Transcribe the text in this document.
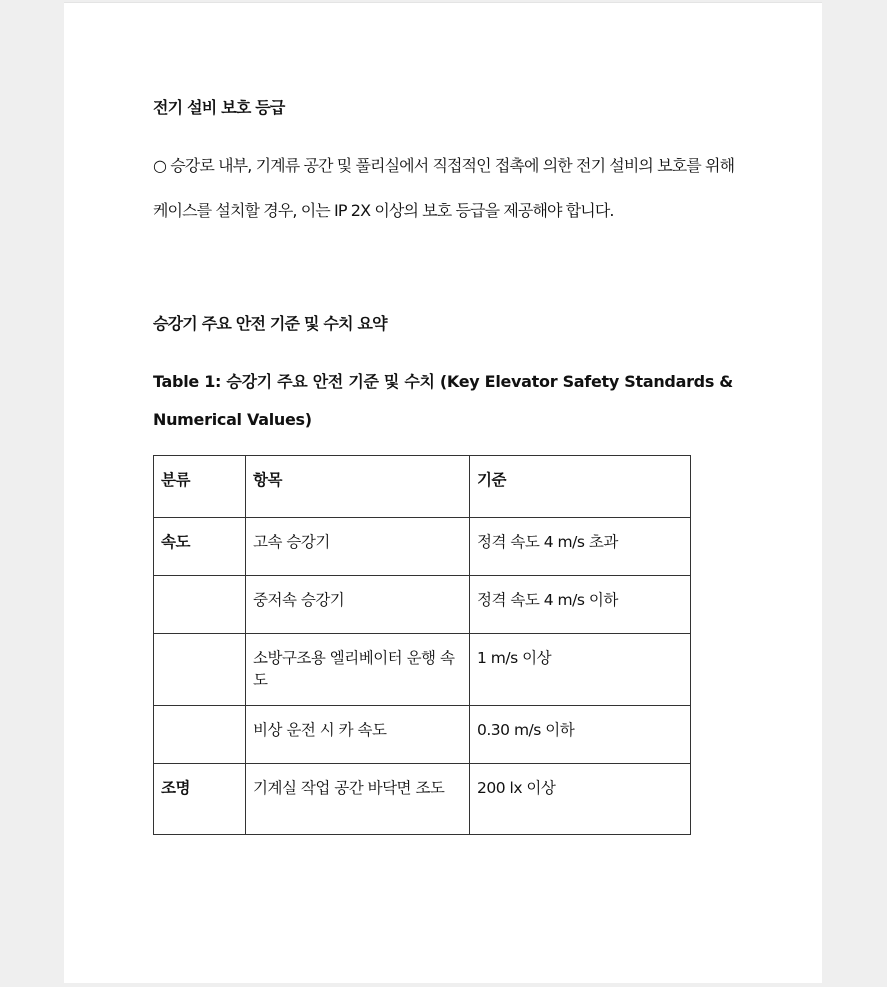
전기 설비 보호 등급
○ 승강로 내부, 기계류 공간 및 풀리실에서 직접적인 접촉에 의한 전기 설비의 보호를 위해
케이스를 설치할 경우, 이는 IP 2X 이상의 보호 등급을 제공해야 합니다.
승강기 주요 안전 기준 및 수치 요약
Table 1: 승강기 주요 안전 기준 및 수치 (Key Elevator Safety Standards &
Numerical Values)
분류	항목	기준
속도	고속 승강기	정격 속도 4 m/s 초과
	중저속 승강기	정격 속도 4 m/s 이하
	소방구조용 엘리베이터 운행 속도	1 m/s 이상
	비상 운전 시 카 속도	0.30 m/s 이하
조명	기계실 작업 공간 바닥면 조도	200 lx 이상
